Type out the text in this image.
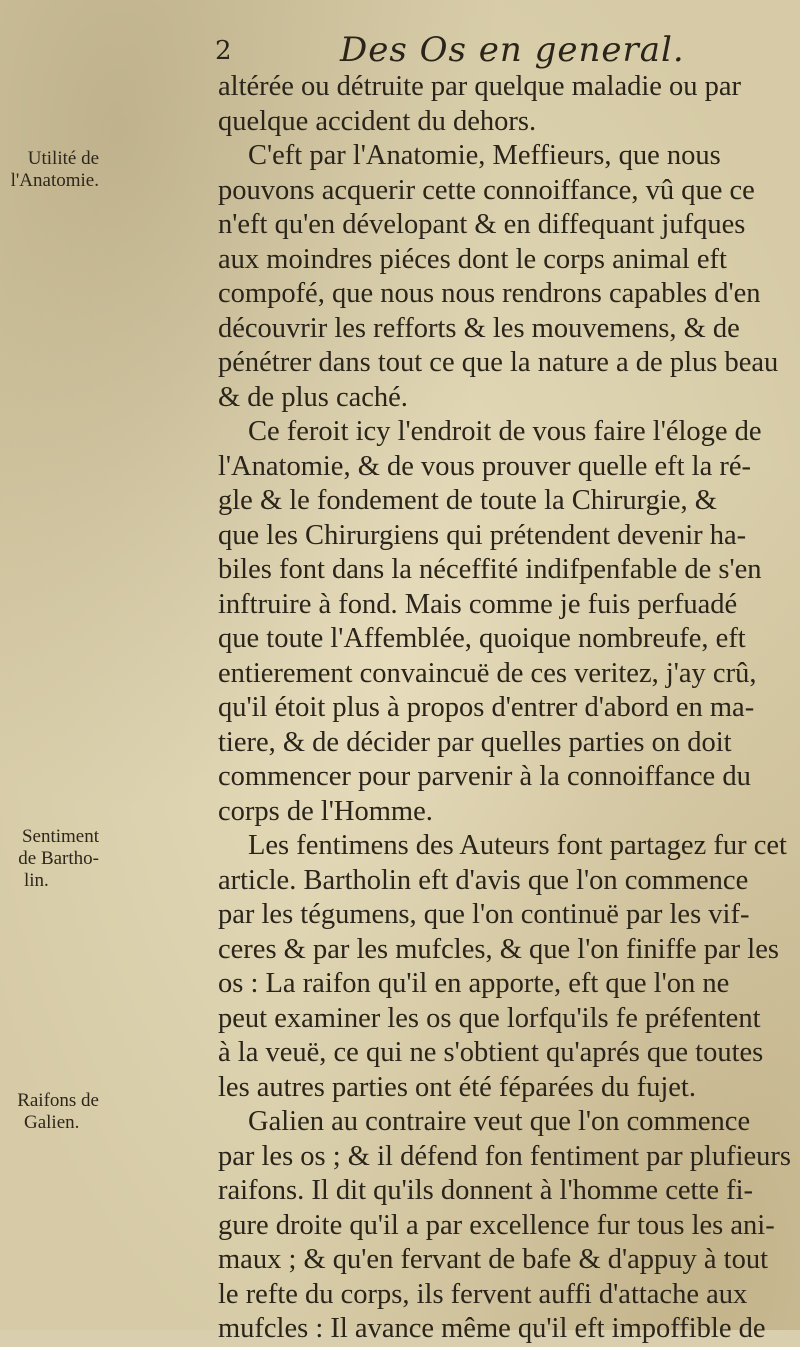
2	Des Os en general.
Utilité de
l'Anatomie.
Sentiment
de Bartho-
lin.
Raifons de
Galien.
altérée ou détruite par quelque maladie ou par
quelque accident du dehors.
C'eft par l'Anatomie, Meffieurs, que nous
pouvons acquerir cette connoiffance, vû que ce
n'eft qu'en dévelopant & en diffequant jufques
aux moindres piéces dont le corps animal eft
compofé, que nous nous rendrons capables d'en
découvrir les refforts & les mouvemens, & de
pénétrer dans tout ce que la nature a de plus beau
& de plus caché.
Ce feroit icy l'endroit de vous faire l'éloge de
l'Anatomie, & de vous prouver quelle eft la ré-
gle & le fondement de toute la Chirurgie, &
que les Chirurgiens qui prétendent devenir ha-
biles font dans la néceffité indifpenfable de s'en
inftruire à fond. Mais comme je fuis perfuadé
que toute l'Affemblée, quoique nombreufe, eft
entierement convaincuë de ces veritez, j'ay crû,
qu'il étoit plus à propos d'entrer d'abord en ma-
tiere, & de décider par quelles parties on doit
commencer pour parvenir à la connoiffance du
corps de l'Homme.
Les fentimens des Auteurs font partagez fur cet
article. Bartholin eft d'avis que l'on commence
par les tégumens, que l'on continuë par les vif-
ceres & par les mufcles, & que l'on finiffe par les
os : La raifon qu'il en apporte, eft que l'on ne
peut examiner les os que lorfqu'ils fe préfentent
à la veuë, ce qui ne s'obtient qu'aprés que toutes
les autres parties ont été féparées du fujet.
Galien au contraire veut que l'on commence
par les os ; & il défend fon fentiment par plufieurs
raifons. Il dit qu'ils donnent à l'homme cette fi-
gure droite qu'il a par excellence fur tous les ani-
maux ; & qu'en fervant de bafe & d'appuy à tout
le refte du corps, ils fervent auffi d'attache aux
mufcles : Il avance même qu'il eft impoffible de
